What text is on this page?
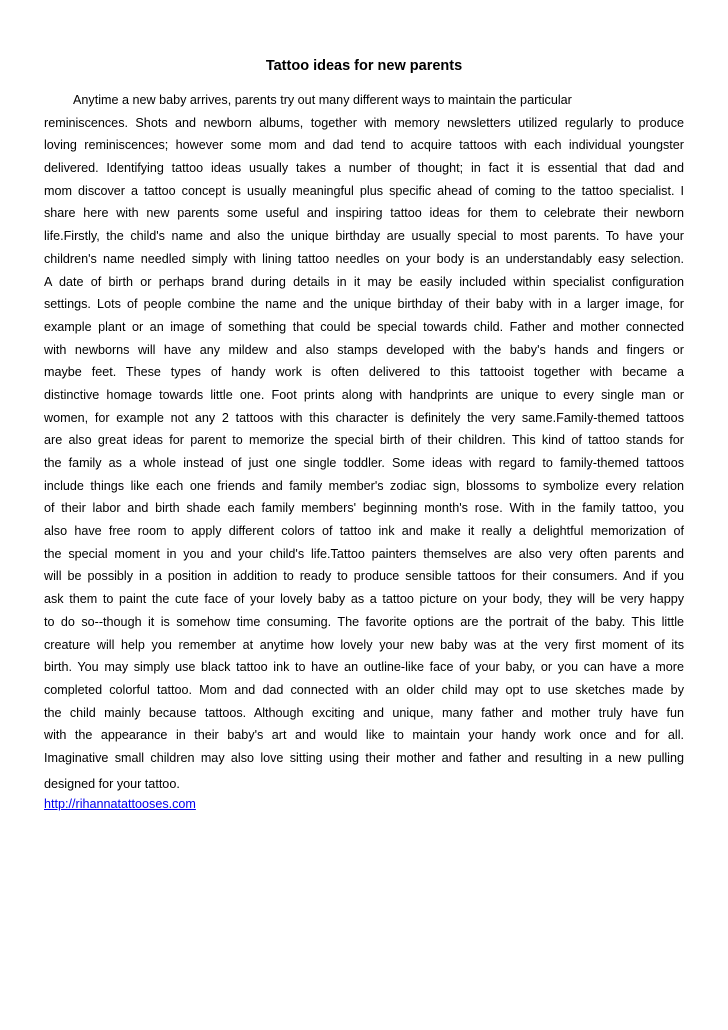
Tattoo ideas for new parents
Anytime a new baby arrives, parents try out many different ways to maintain the particular
reminiscences. Shots and newborn albums, together with memory newsletters utilized regularly to produce
loving reminiscences; however some mom and dad tend to acquire tattoos with each individual youngster
delivered. Identifying tattoo ideas usually takes a number of thought; in fact it is essential that dad and
mom discover a tattoo concept is usually meaningful plus specific ahead of coming to the tattoo specialist. I
share here with new parents some useful and inspiring tattoo ideas for them to celebrate their newborn
life.Firstly, the child's name and also the unique birthday are usually special to most parents. To have your
children's name needled simply with lining tattoo needles on your body is an understandably easy selection.
A date of birth or perhaps brand during details in it may be easily included within specialist configuration
settings. Lots of people combine the name and the unique birthday of their baby with in a larger image, for
example plant or an image of something that could be special towards child. Father and mother connected
with newborns will have any mildew and also stamps developed with the baby's hands and fingers or
maybe feet. These types of handy work is often delivered to this tattooist together with became a
distinctive homage towards little one. Foot prints along with handprints are unique to every single man or
women, for example not any 2 tattoos with this character is definitely the very same.Family-themed tattoos
are also great ideas for parent to memorize the special birth of their children. This kind of tattoo stands for
the family as a whole instead of just one single toddler. Some ideas with regard to family-themed tattoos
include things like each one friends and family member's zodiac sign, blossoms to symbolize every relation
of their labor and birth shade each family members' beginning month's rose. With in the family tattoo, you
also have free room to apply different colors of tattoo ink and make it really a delightful memorization of
the special moment in you and your child's life.Tattoo painters themselves are also very often parents and
will be possibly in a position in addition to ready to produce sensible tattoos for their consumers. And if you
ask them to paint the cute face of your lovely baby as a tattoo picture on your body, they will be very happy
to do so--though it is somehow time consuming. The favorite options are the portrait of the baby. This little
creature will help you remember at anytime how lovely your new baby was at the very first moment of its
birth. You may simply use black tattoo ink to have an outline-like face of your baby, or you can have a more
completed colorful tattoo. Mom and dad connected with an older child may opt to use sketches made by
the child mainly because tattoos. Although exciting and unique, many father and mother truly have fun
with the appearance in their baby's art and would like to maintain your handy work once and for all.
Imaginative small children may also love sitting using their mother and father and resulting in a new pulling
designed for your tattoo.
http://rihannatattooses.com
